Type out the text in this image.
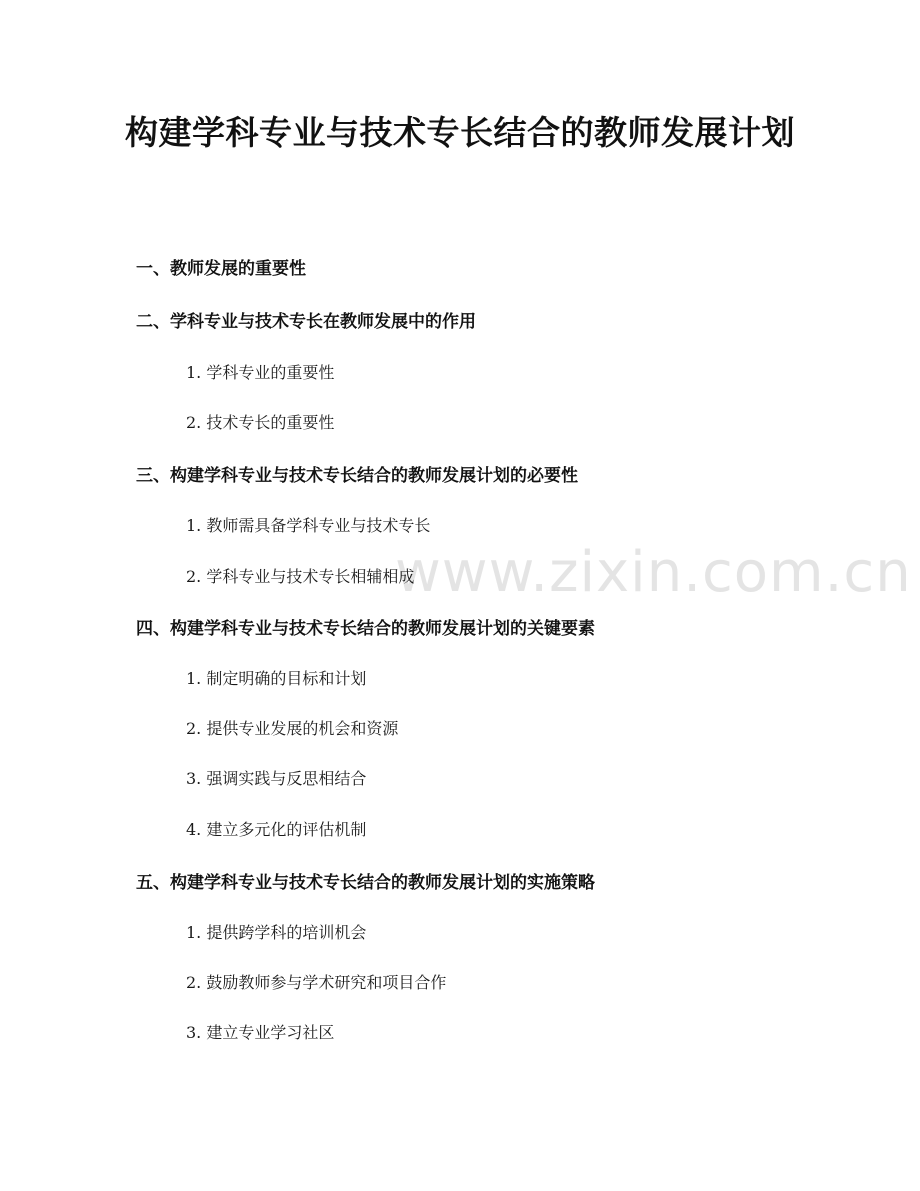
构建学科专业与技术专长结合的教师发展计划
www.zixin.com.cn
一、教师发展的重要性
二、学科专业与技术专长在教师发展中的作用
1. 学科专业的重要性
2. 技术专长的重要性
三、构建学科专业与技术专长结合的教师发展计划的必要性
1. 教师需具备学科专业与技术专长
2. 学科专业与技术专长相辅相成
四、构建学科专业与技术专长结合的教师发展计划的关键要素
1. 制定明确的目标和计划
2. 提供专业发展的机会和资源
3. 强调实践与反思相结合
4. 建立多元化的评估机制
五、构建学科专业与技术专长结合的教师发展计划的实施策略
1. 提供跨学科的培训机会
2. 鼓励教师参与学术研究和项目合作
3. 建立专业学习社区
